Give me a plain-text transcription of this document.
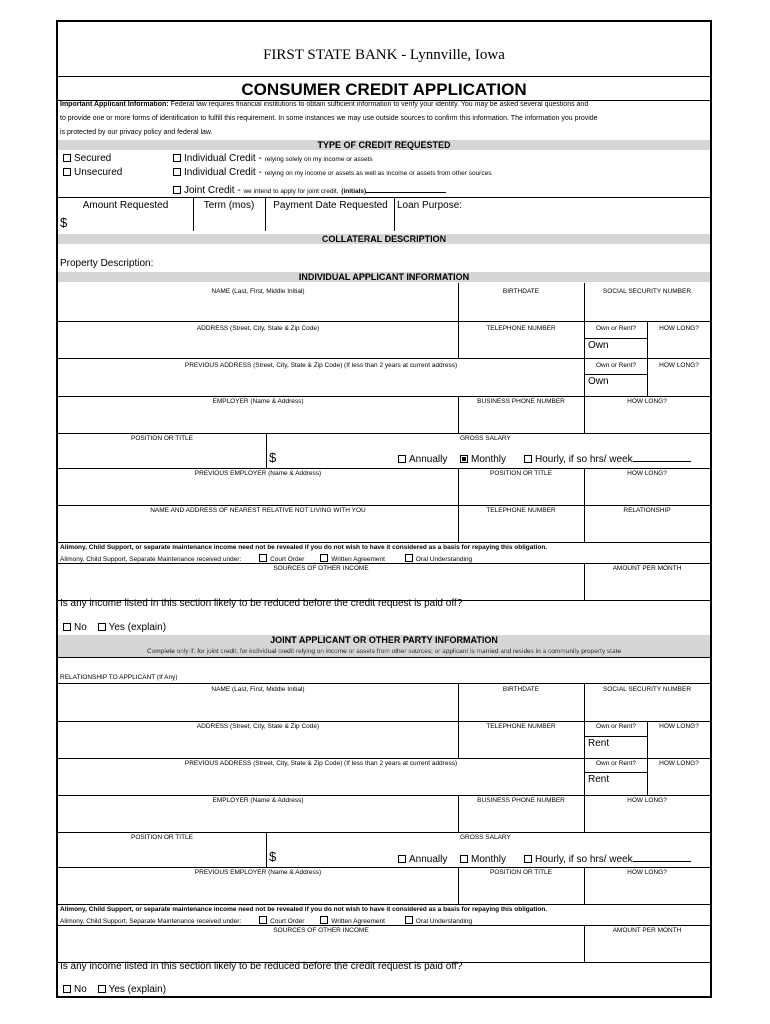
FIRST STATE BANK - Lynnville, Iowa
CONSUMER CREDIT APPLICATION
Important Applicant Information: Federal law requires financial institutions to obtain sufficient information to verify your identity. You may be asked several questions and
to provide one or more forms of identification to fulfill this requirement. In some instances we may use outside sources to confirm this information. The information you provide
is protected by our privacy policy and federal law.
TYPE OF CREDIT REQUESTED
Secured
Unsecured
Individual Credit - relying solely on my income or assets
Individual Credit - relying on my income or assets as well as income or assets from other sources
Joint Credit - we intend to apply for joint credit. (initials)
Amount Requested	Term (mos)	Payment Date Requested Loan Purpose:
$
COLLATERAL DESCRIPTION
Property Description:
INDIVIDUAL APPLICANT INFORMATION
NAME (Last, First, Middle Initial)	BIRTHDATE	SOCIAL SECURITY NUMBER
ADDRESS (Street, City, State & Zip Code)	TELEPHONE NUMBER	Own or Rent?	HOW LONG?
Own
PREVIOUS ADDRESS (Street, City, State & Zip Code) (If less than 2 years at current address)	Own or Rent?	HOW LONG?
Own
EMPLOYER (Name & Address)	BUSINESS PHONE NUMBER	HOW LONG?
POSITION OR TITLE	GROSS SALARY
$	Annually	Monthly	Hourly, if so hrs/ week
PREVIOUS EMPLOYER (Name & Address)	POSITION OR TITLE	HOW LONG?
NAME AND ADDRESS OF NEAREST RELATIVE NOT LIVING WITH YOU	TELEPHONE NUMBER	RELATIONSHIP
Alimony, Child Support, or separate maintenance income need not be revealed if you do not wish to have it considered as a basis for repaying this obligation.
Alimony, Child Support, Separate Maintenance received under:	Court Order	Written Agreement	Oral Understanding
SOURCES OF OTHER INCOME	AMOUNT PER MONTH
Is any income listed in this section likely to be reduced before the credit request is paid off?
No Yes (explain)
JOINT APPLICANT OR OTHER PARTY INFORMATION
Complete only if: for joint credit; for individual credit relying on income or assets from other sources; or applicant is married and resides in a community property state
RELATIONSHIP TO APPLICANT (If Any)
NAME (Last, First, Middle Initial)	BIRTHDATE	SOCIAL SECURITY NUMBER
ADDRESS (Street, City, State & Zip Code)	TELEPHONE NUMBER	Own or Rent?	HOW LONG?
Rent
PREVIOUS ADDRESS (Street, City, State & Zip Code) (If less than 2 years at current address)	Own or Rent?	HOW LONG?
Rent
EMPLOYER (Name & Address)	BUSINESS PHONE NUMBER	HOW LONG?
POSITION OR TITLE	GROSS SALARY
$	Annually	Monthly	Hourly, if so hrs/ week
PREVIOUS EMPLOYER (Name & Address)	POSITION OR TITLE	HOW LONG?
Alimony, Child Support, or separate maintenance income need not be revealed if you do not wish to have it considered as a basis for repaying this obligation.
Alimony, Child Support, Separate Maintenance received under:	Court Order	Written Agreement	Oral Understanding
SOURCES OF OTHER INCOME	AMOUNT PER MONTH
Is any income listed in this section likely to be reduced before the credit request is paid off?
No Yes (explain)
